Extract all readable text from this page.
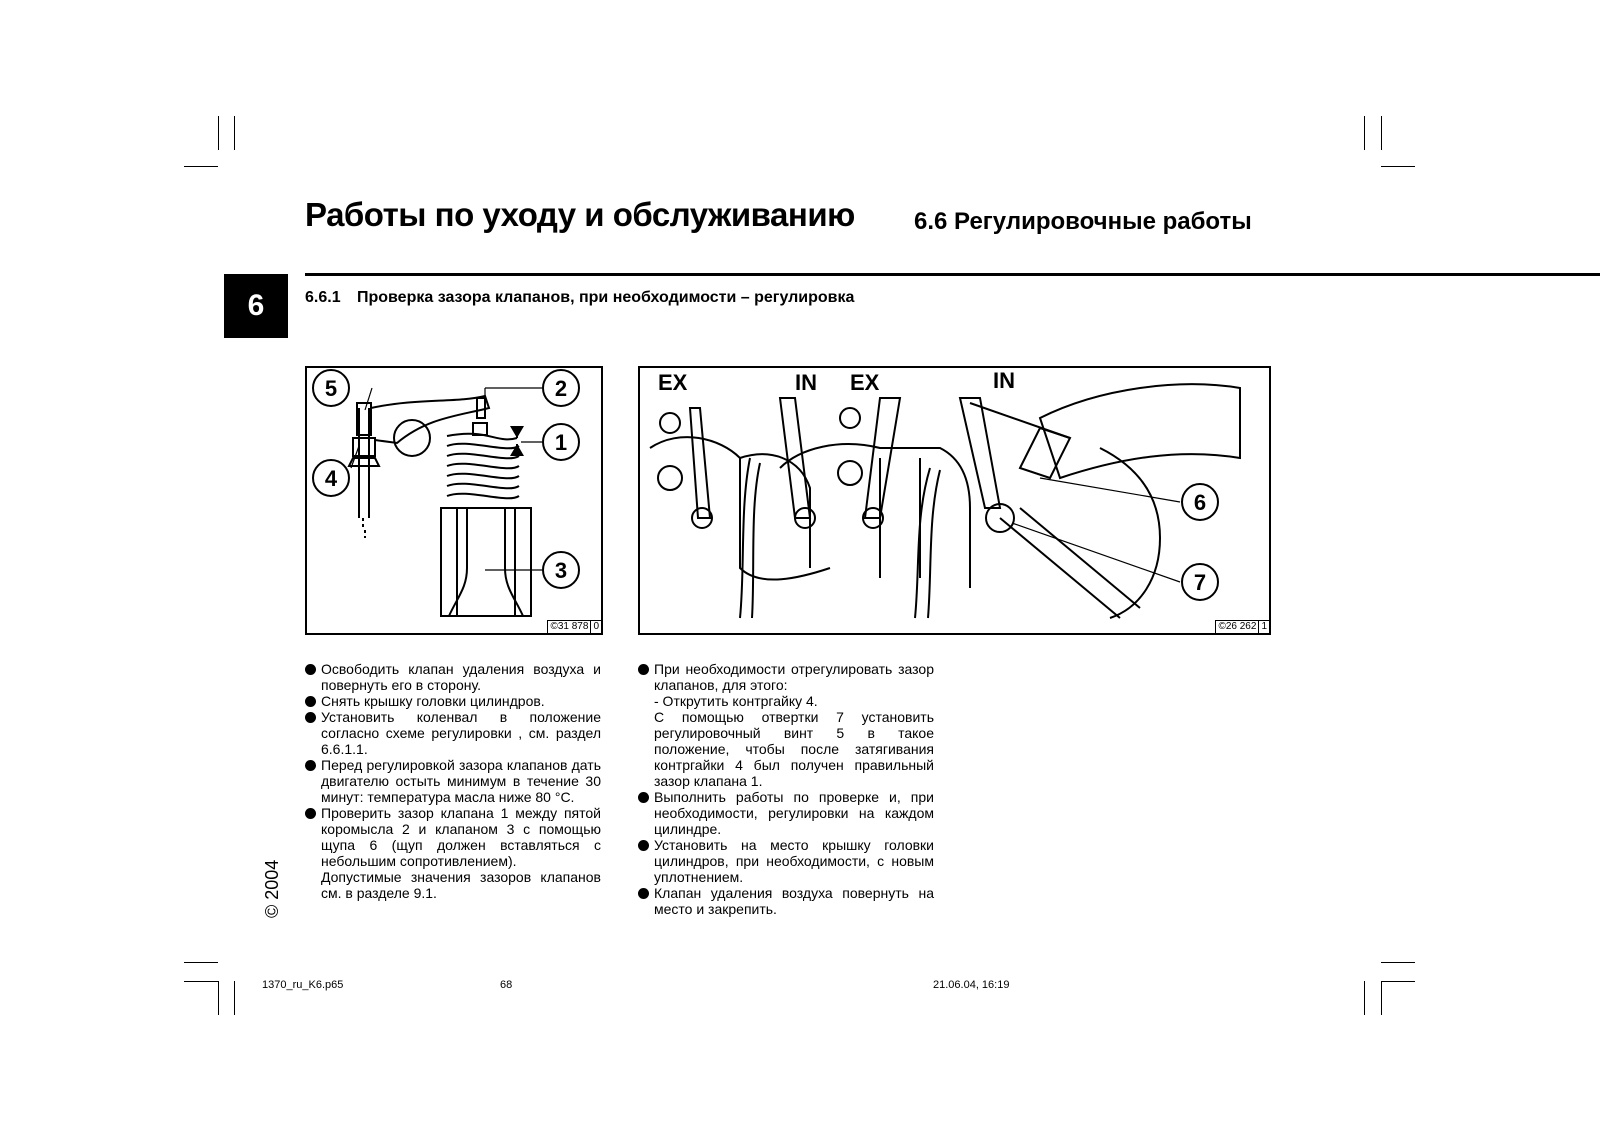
Работы по уходу и обслуживанию 6.6 Регулировочные работы
6	6.6.1 Проверка зазора клапанов, при необходимости – регулировка
5	2
1
4
3
©31 878 0
6
7
EX	IN EX	IN
©26 262 1
Освободить клапан удаления воздуха и повернуть его в сторону.
Снять крышку головки цилиндров.
Установить коленвал в положение согласно схеме регулировки , см. раздел 6.6.1.1.
Перед регулировкой зазора клапанов дать двигателю остыть минимум в течение 30 минут: температура масла ниже 80 °C.
Проверить зазор клапана 1 между пятой коромысла 2 и клапаном 3 с помощью щупа 6 (щуп должен вставляться с небольшим сопротивлением).
Допустимые значения зазоров клапанов см. в разделе 9.1.
При необходимости отрегулировать зазор клапанов, для этого:
- Открутить контргайку 4.
С помощью отвертки 7 установить регулировочный винт 5 в такое положение, чтобы после затягивания контргайки 4 был получен правильный зазор клапана 1.
Выполнить работы по проверке и, при необходимости, регулировки на каждом цилиндре.
Установить на место крышку головки цилиндров, при необходимости, с новым уплотнением.
Клапан удаления воздуха повернуть на место и закрепить.
© 2004
1370_ru_K6.p65	68	21.06.04, 16:19
